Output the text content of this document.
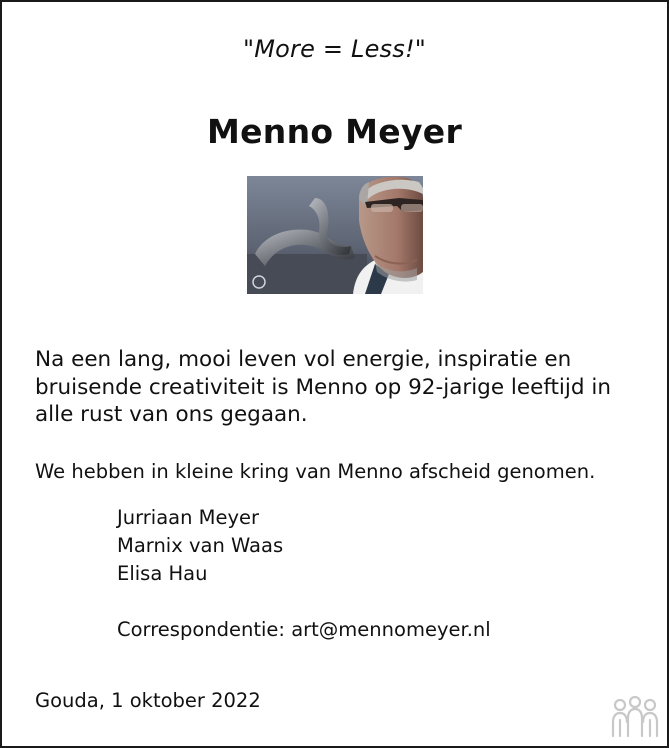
"More = Less!"
Menno Meyer

Na een lang, mooi leven vol energie, inspiratie en bruisende creativiteit is Menno op 92-jarige leeftijd in alle rust van ons gegaan.

We hebben in kleine kring van Menno afscheid genomen.

Jurriaan Meyer
Marnix van Waas
Elisa Hau
Correspondentie: art@mennomeyer.nl
Gouda, 1 oktober 2022
